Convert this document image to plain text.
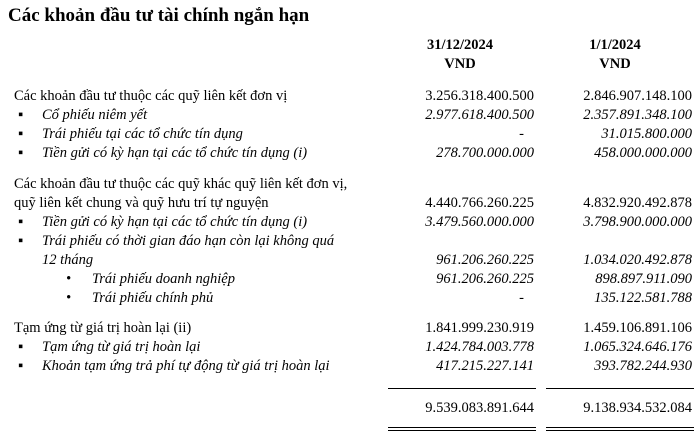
Các khoản đầu tư tài chính ngắn hạn
31/12/2024
VND
1/1/2024
VND
Các khoản đầu tư thuộc các quỹ liên kết đơn vị	3.256.318.400.500	2.846.907.148.100
▪ Cổ phiếu niêm yết	2.977.618.400.500	2.357.891.348.100
▪ Trái phiếu tại các tổ chức tín dụng	-	31.015.800.000
▪ Tiền gửi có kỳ hạn tại các tổ chức tín dụng (i)	278.700.000.000	458.000.000.000
Các khoản đầu tư thuộc các quỹ khác quỹ liên kết đơn vị,
quỹ liên kết chung và quỹ hưu trí tự nguyện	4.440.766.260.225	4.832.920.492.878
▪ Tiền gửi có kỳ hạn tại các tổ chức tín dụng (i)	3.479.560.000.000	3.798.900.000.000
▪ Trái phiếu có thời gian đáo hạn còn lại không quá
12 tháng	961.206.260.225	1.034.020.492.878
• Trái phiếu doanh nghiệp	961.206.260.225	898.897.911.090
• Trái phiếu chính phủ	-	135.122.581.788
Tạm ứng từ giá trị hoàn lại (ii)	1.841.999.230.919	1.459.106.891.106
▪ Tạm ứng từ giá trị hoàn lại	1.424.784.003.778	1.065.324.646.176
▪ Khoản tạm ứng trả phí tự động từ giá trị hoàn lại	417.215.227.141	393.782.244.930
9.539.083.891.644	9.138.934.532.084
